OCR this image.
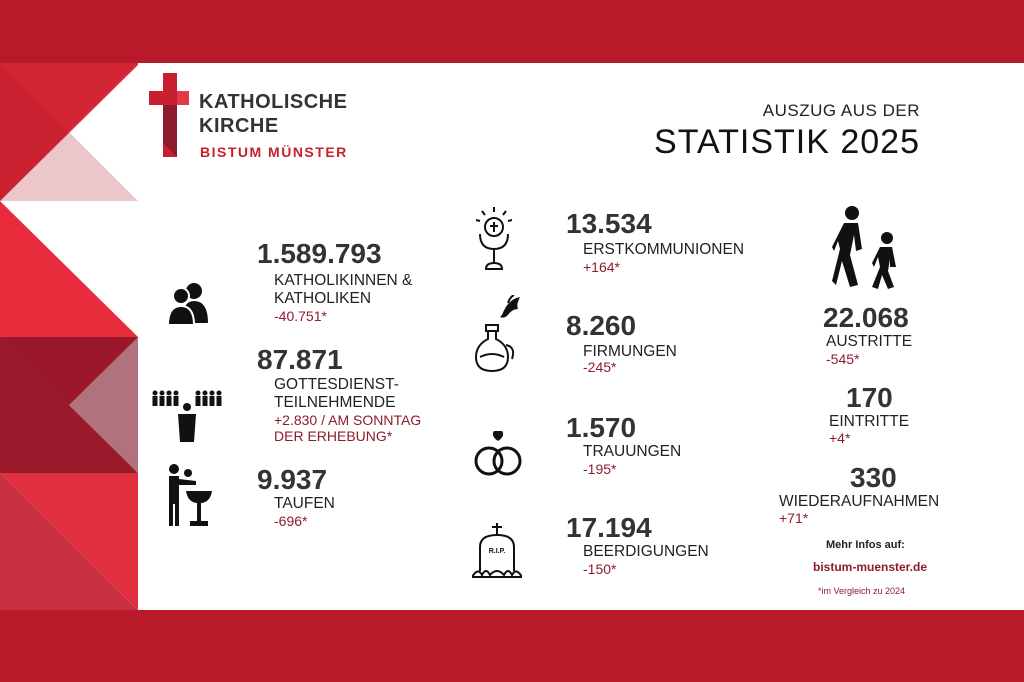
KATHOLISCHE
KIRCHE
BISTUM MÜNSTER
AUSZUG AUS DER
STATISTIK 2025
1.589.793
KATHOLIKINNEN &
KATHOLIKEN
-40.751*
87.871
GOTTESDIENST-
TEILNEHMENDE
+2.830 / AM SONNTAG
DER ERHEBUNG*
9.937
TAUFEN
-696*
13.534
ERSTKOMMUNIONEN
+164*
8.260
FIRMUNGEN
-245*
1.570
TRAUUNGEN
-195*
R.I.P.
17.194
BEERDIGUNGEN
-150*
22.068
AUSTRITTE
-545*
170
EINTRITTE
+4*
330
WIEDERAUFNAHMEN
+71*
Mehr Infos auf:
bistum-muenster.de
*im Vergleich zu 2024
